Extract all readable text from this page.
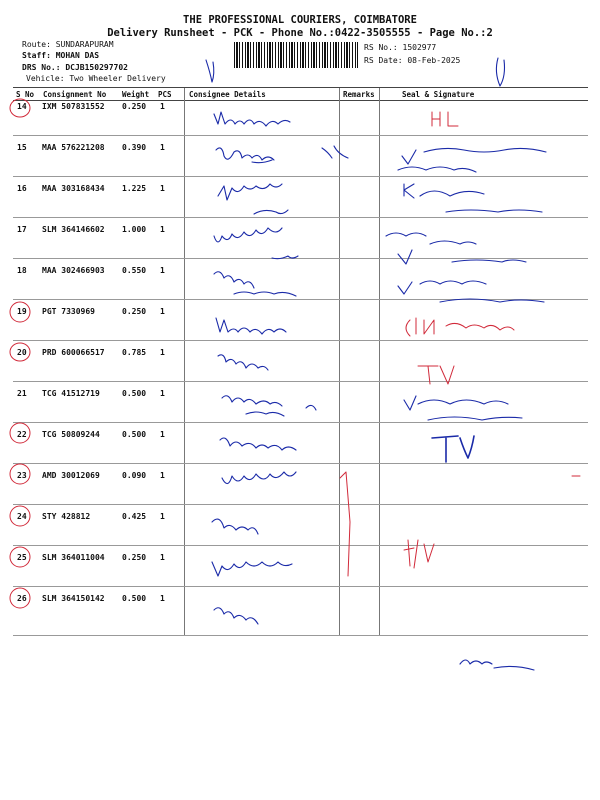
THE PROFESSIONAL COURIERS, COIMBATORE
Delivery Runsheet - PCK - Phone No.:0422-3505555 - Page No.:2
Route: SUNDARAPURAM
Staff: MOHAN DAS
DRS No.: DCJB150297702
Vehicle: Two Wheeler Delivery
RS No.: 1502977
RS Date: 08-Feb-2025
S No Consignment No Weight PCS Consignee Details	Remarks	Seal & Signature
14 IXM 507831552 0.250 1
15 MAA 576221208 0.390 1
16 MAA 303168434 1.225 1
17 SLM 364146602 1.000 1
18 MAA 302466903 0.550 1
19 PGT 7330969	0.250 1
20 PRD 600066517 0.785 1
21 TCG 41512719	0.500 1
22 TCG 50809244	0.500 1
23 AMD 30012069	0.090 1
24 STY 428812	0.425 1
25 SLM 364011004 0.250 1
26 SLM 364150142 0.500 1
